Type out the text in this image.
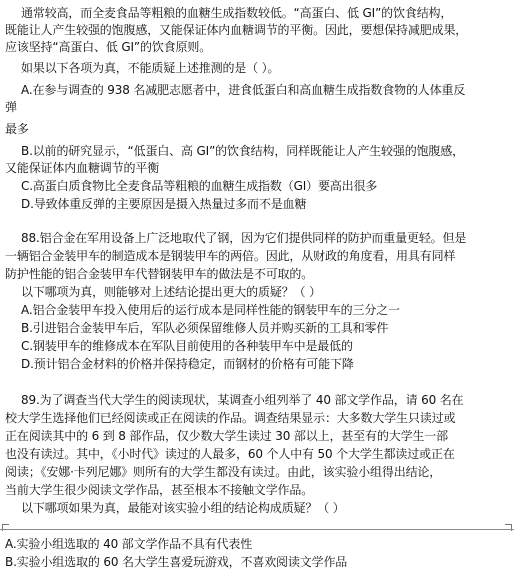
通常较高，而全麦食品等粗粮的血糖生成指数较低。“高蛋白、低 GI”的饮食结构，
既能让人产生较强的饱腹感，又能保证体内血糖调节的平衡。因此，要想保持减肥成果，
应该坚持“高蛋白、低 GI”的饮食原则。
如果以下各项为真，不能质疑上述推测的是（ ）。
A.在参与调查的 938 名减肥志愿者中，进食低蛋白和高血糖生成指数食物的人体重反
弹
最多
B.以前的研究显示，“低蛋白、高 GI”的饮食结构，同样既能让人产生较强的饱腹感，
又能保证体内血糖调节的平衡
C.高蛋白质食物比全麦食品等粗粮的血糖生成指数（GI）要高出很多
D.导致体重反弹的主要原因是摄入热量过多而不是血糖
88.铝合金在军用设备上广泛地取代了钢，因为它们提供同样的防护而重量更轻。但是
一辆铝合金装甲车的制造成本是钢装甲车的两倍。因此，从财政的角度看，用具有同样
防护性能的铝合金装甲车代替钢装甲车的做法是不可取的。
以下哪项为真，则能够对上述结论提出更大的质疑？（ ）
A.铝合金装甲车投入使用后的运行成本是同样性能的钢装甲车的三分之一
B.引进铝合金装甲车后，军队必须保留维修人员并购买新的工具和零件
C.钢装甲车的维修成本在军队目前使用的各种装甲车中是最低的
D.预计铝合金材料的价格并保持稳定，而钢材的价格有可能下降
89.为了调查当代大学生的阅读现状，某调查小组列举了 40 部文学作品，请 60 名在
校大学生选择他们已经阅读或正在阅读的作品。调查结果显示：大多数大学生只读过或
正在阅读其中的 6 到 8 部作品，仅少数大学生读过 30 部以上，甚至有的大学生一部
也没有读过。其中，《小时代》读过的人最多，60 个人中有 50 个大学生都读过或正在
阅读；《安娜·卡列尼娜》则所有的大学生都没有读过。由此，该实验小组得出结论，
当前大学生很少阅读文学作品，甚至根本不接触文学作品。
以下哪项如果为真，最能对该实验小组的结论构成质疑？（ ）
A.实验小组选取的 40 部文学作品不具有代表性
B.实验小组选取的 60 名大学生喜爱玩游戏，不喜欢阅读文学作品
